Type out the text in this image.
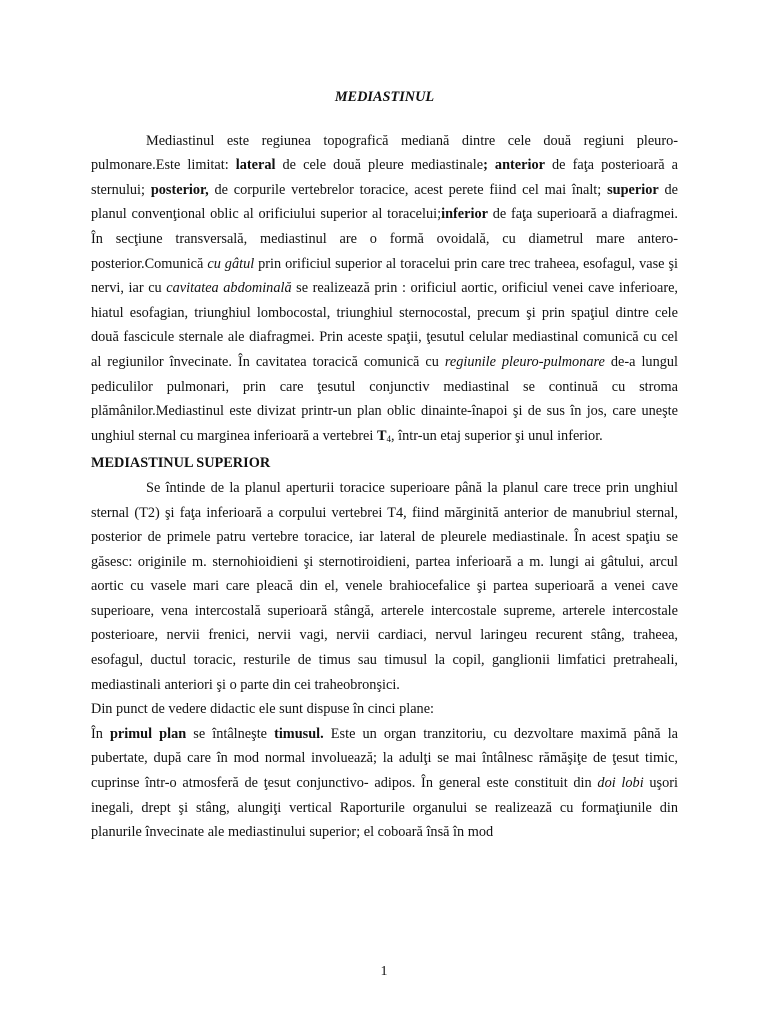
MEDIASTINUL

Mediastinul este regiunea topografică mediană dintre cele două regiuni pleuro-pulmonare.Este limitat: lateral de cele două pleure mediastinale; anterior de faţa posterioară a sternului; posterior, de corpurile vertebrelor toracice, acest perete fiind cel mai înalt; superior de planul convenţional oblic al orificiului superior al toracelui;inferior de faţa superioară a diafragmei. În secţiune transversală, mediastinul are o formă ovoidală, cu diametrul mare antero-posterior.Comunică cu gâtul prin orificiul superior al toracelui prin care trec traheea, esofagul, vase şi nervi, iar cu cavitatea abdominală se realizează prin : orificiul aortic, orificiul venei cave inferioare, hiatul esofagian, triunghiul lombocostal, triunghiul sternocostal, precum şi prin spaţiul dintre cele două fascicule sternale ale diafragmei. Prin aceste spaţii, ţesutul celular mediastinal comunică cu cel al regiunilor învecinate. În cavitatea toracică comunică cu regiunile pleuro-pulmonare de-a lungul pediculilor pulmonari, prin care ţesutul conjunctiv mediastinal se continuă cu stroma plămânilor.Mediastinul este divizat printr-un plan oblic dinainte-înapoi şi de sus în jos, care uneşte unghiul sternal cu marginea inferioară a vertebrei $T_4$, într-un etaj superior şi unul inferior.

MEDIASTINUL SUPERIOR

Se întinde de la planul aperturii toracice superioare până la planul care trece prin unghiul sternal (T2) şi faţa inferioară a corpului vertebrei T4, fiind mărginită anterior de manubriul sternal, posterior de primele patru vertebre toracice, iar lateral de pleurele mediastinale. În acest spaţiu se găsesc: originile m. sternohioidieni şi sternotiroidieni, partea inferioară a m. lungi ai gâtului, arcul aortic cu vasele mari care pleacă din el, venele brahiocefalice şi partea superioară a venei cave superioare, vena intercostală superioară stângă, arterele intercostale supreme, arterele intercostale posterioare, nervii frenici, nervii vagi, nervii cardiaci, nervul laringeu recurent stâng, traheea, esofagul, ductul toracic, resturile de timus sau timusul la copil, ganglionii limfatici pretraheali, mediastinali anteriori şi o parte din cei traheobronşici.

Din punct de vedere didactic ele sunt dispuse în cinci plane:

În primul plan se întâlneşte timusul. Este un organ tranzitoriu, cu dezvoltare maximă până la pubertate, după care în mod normal involuează; la adulţi se mai întâlnesc rămăşiţe de ţesut timic, cuprinse într-o atmosferă de ţesut conjunctivo- adipos. În general este constituit din doi lobi uşori inegali, drept şi stâng, alungiţi vertical Raporturile organului se realizează cu formaţiunile din planurile învecinate ale mediastinului superior; el coboară însă în mod

1
